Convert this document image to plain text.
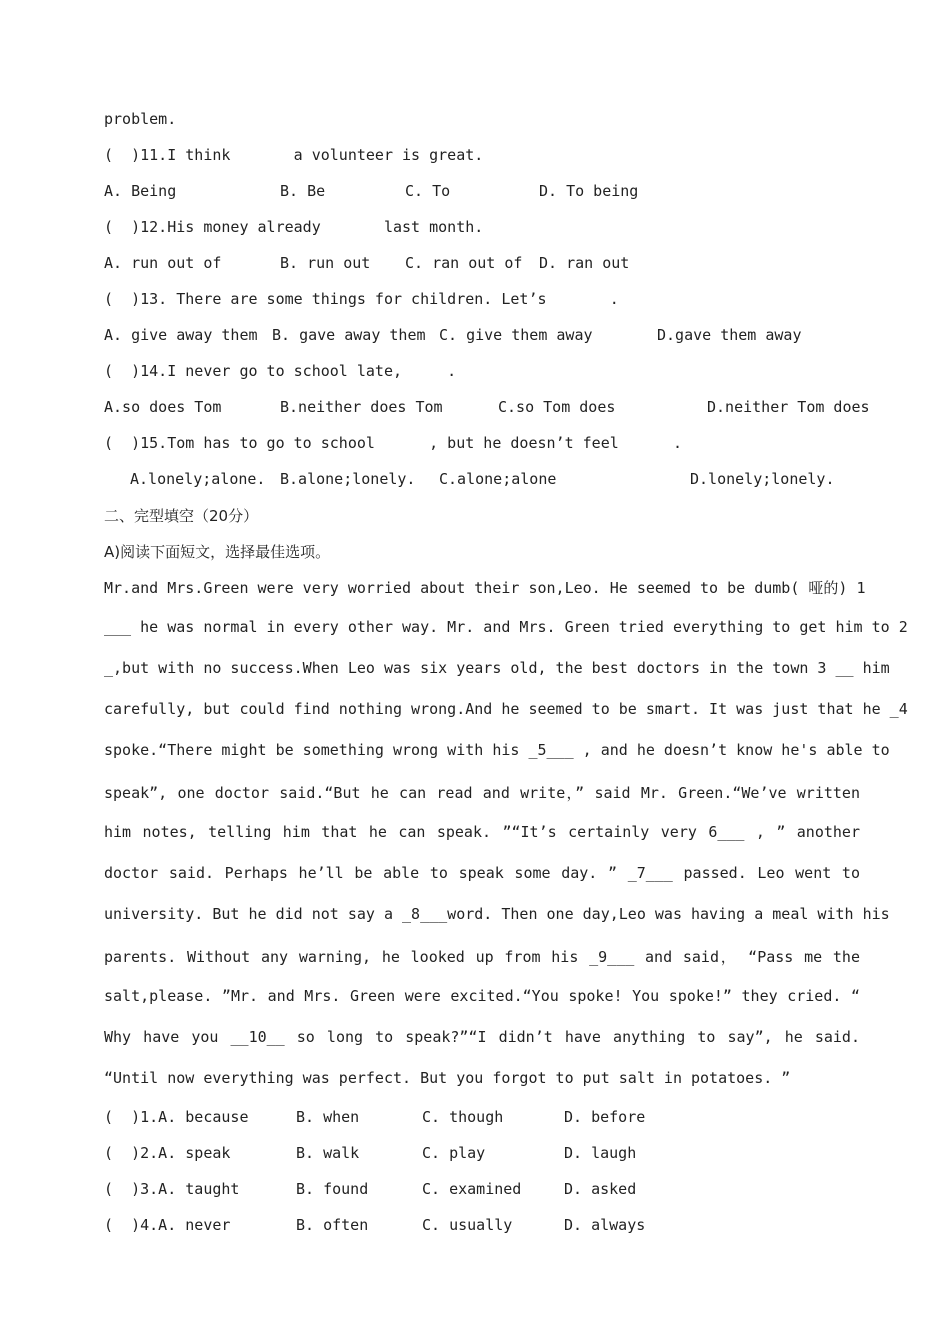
problem.
(  )11.I think       a volunteer is great.
A. Being	B. Be	C. To	D. To being
(  )12.His money already       last month.
A. run out of	B. run out C. ran out of D. ran out
(  )13. There are some things for children. Let’s       .
A. give away them B. gave away them C. give them away	D.gave them away
(  )14.I never go to school late,     .
A.so does Tom	B.neither does Tom	C.so Tom does	D.neither Tom does
(  )15.Tom has to go to school      , but he doesn’t feel      .
A.lonely;alone. B.alone;lonely. C.alone;alone	D.lonely;lonely.
二、完型填空（20分）
A)阅读下面短文，选择最佳选项。
Mr.and Mrs.Green were very worried about their son,Leo. He seemed to be dumb( 哑的) 1
___ he was normal in every other way. Mr. and Mrs. Green tried everything to get him to 2
_,but with no success.When Leo was six years old, the best doctors in the town 3 __ him
carefully, but could find nothing wrong.And he seemed to be smart. It was just that he _4
spoke.“There might be something wrong with his _5___ , and he doesn’t know he's able to
speak”, one doctor said.“But he can read and write，” said Mr. Green.“We’ve written
him notes, telling him that he can speak. ”“It’s certainly very 6___ , ” another
doctor said. Perhaps he’ll be able to speak some day. ” _7___ passed. Leo went to
university. But he did not say a _8___word. Then one day,Leo was having a meal with his
parents. Without any warning, he looked up from his _9___ and said， “Pass me the
salt,please. ”Mr. and Mrs. Green were excited.“You spoke! You spoke!” they cried. “
Why have you __10__ so long to speak?”“I didn’t have anything to say”, he said.
“Until now everything was perfect. But you forgot to put salt in potatoes. ”
(  )1.A. because	B. when	C. though	D. before
(  )2.A. speak	B. walk	C. play	D. laugh
(  )3.A. taught	B. found	C. examined	D. asked
(  )4.A. never	B. often	C. usually	D. always
